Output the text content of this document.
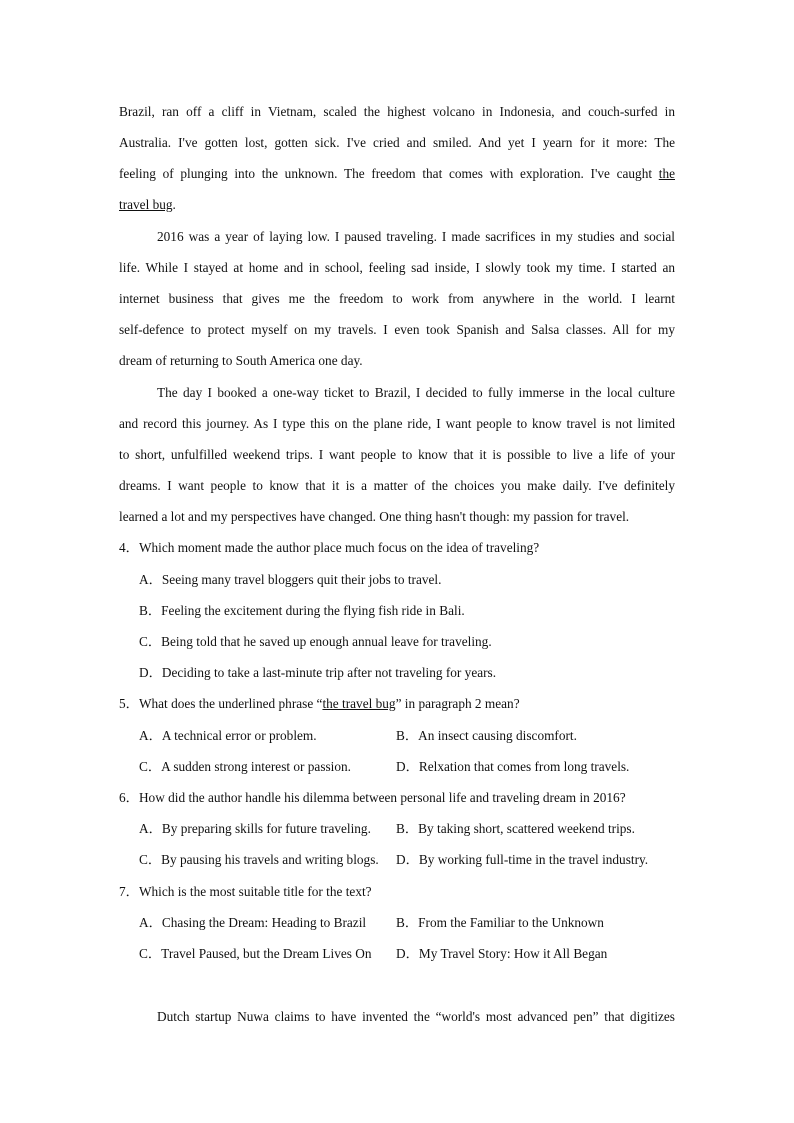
Brazil, ran off a cliff in Vietnam, scaled the highest volcano in Indonesia, and couch-surfed in
Australia. I've gotten lost, gotten sick. I've cried and smiled. And yet I yearn for it more: The
feeling of plunging into the unknown. The freedom that comes with exploration. I've caught the
travel bug.
2016 was a year of laying low. I paused traveling. I made sacrifices in my studies and social
life. While I stayed at home and in school, feeling sad inside, I slowly took my time. I started an
internet business that gives me the freedom to work from anywhere in the world. I learnt
self-defence to protect myself on my travels. I even took Spanish and Salsa classes. All for my
dream of returning to South America one day.
The day I booked a one-way ticket to Brazil, I decided to fully immerse in the local culture
and record this journey. As I type this on the plane ride, I want people to know travel is not limited
to short, unfulfilled weekend trips. I want people to know that it is possible to live a life of your
dreams. I want people to know that it is a matter of the choices you make daily. I've definitely
learned a lot and my perspectives have changed. One thing hasn't though: my passion for travel.
4．Which moment made the author place much focus on the idea of traveling?
A．Seeing many travel bloggers quit their jobs to travel.
B．Feeling the excitement during the flying fish ride in Bali.
C．Being told that he saved up enough annual leave for traveling.
D．Deciding to take a last-minute trip after not traveling for years.
5．What does the underlined phrase “the travel bug” in paragraph 2 mean?
A．A technical error or problem.	B．An insect causing discomfort.
C．A sudden strong interest or passion.	D．Relxation that comes from long travels.
6．How did the author handle his dilemma between personal life and traveling dream in 2016?
A．By preparing skills for future traveling.	B．By taking short, scattered weekend trips.
C．By pausing his travels and writing blogs.	D．By working full-time in the travel industry.
7．Which is the most suitable title for the text?
A．Chasing the Dream: Heading to Brazil	B．From the Familiar to the Unknown
C．Travel Paused, but the Dream Lives On	D．My Travel Story: How it All Began
Dutch startup Nuwa claims to have invented the “world's most advanced pen” that digitizes
